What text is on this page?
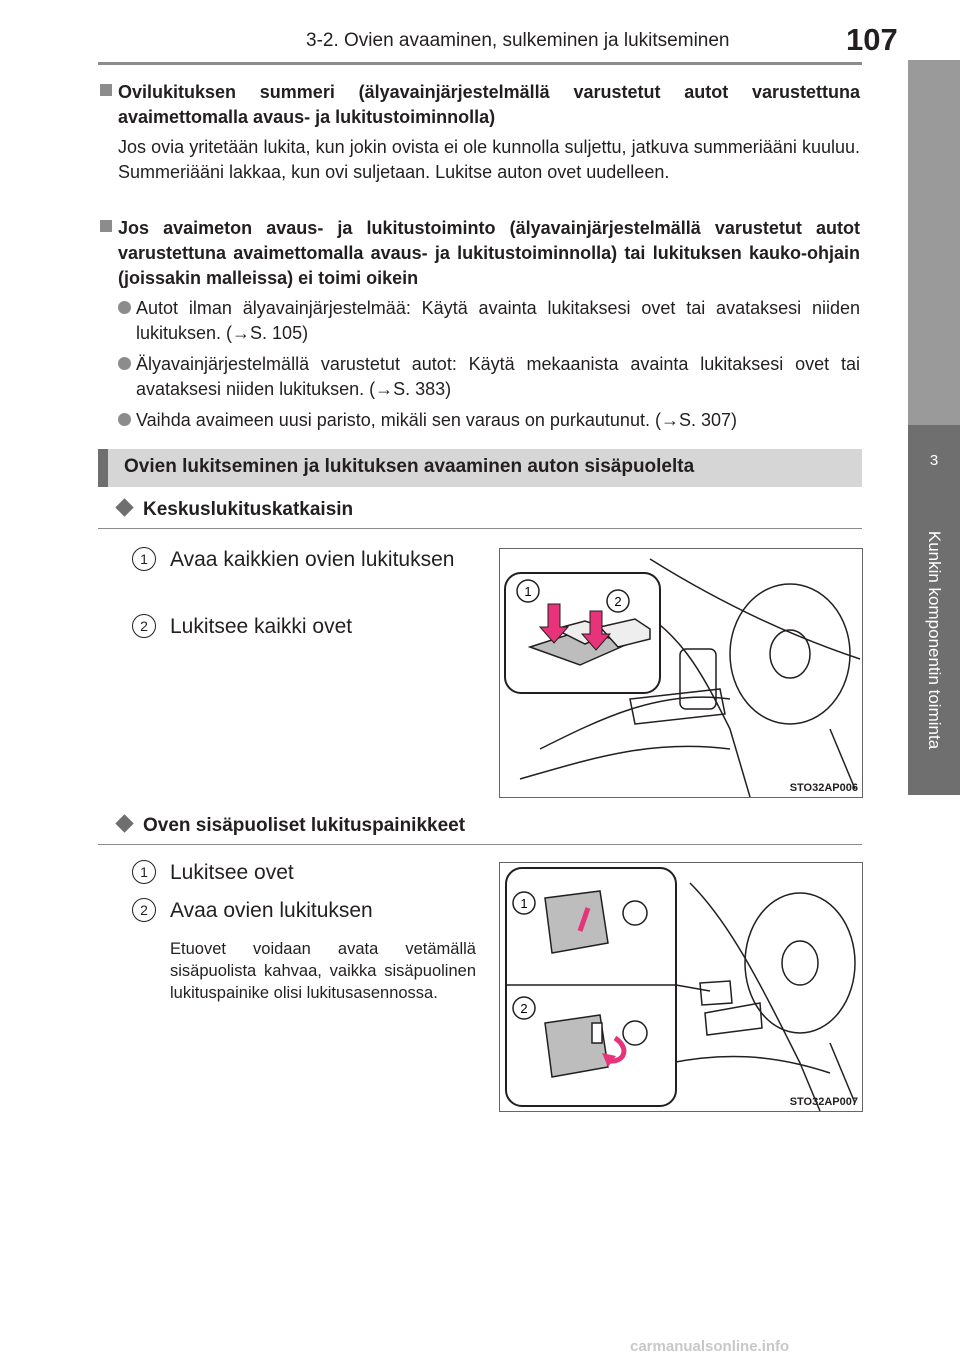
3-2. Ovien avaaminen, sulkeminen ja lukitseminen	107
3
Kunkin komponentin toiminta
Ovilukituksen summeri (älyavainjärjestelmällä varustetut autot varustettuna avaimettomalla avaus- ja lukitustoiminnolla)
Jos ovia yritetään lukita, kun jokin ovista ei ole kunnolla suljettu, jatkuva summeriääni kuuluu. Summeriääni lakkaa, kun ovi suljetaan. Lukitse auton ovet uudelleen.
Jos avaimeton avaus- ja lukitustoiminto (älyavainjärjestelmällä varustetut autot varustettuna avaimettomalla avaus- ja lukitustoiminnolla) tai lukituksen kauko-ohjain (joissakin malleissa) ei toimi oikein
Autot ilman älyavainjärjestelmää: Käytä avainta lukitaksesi ovet tai avataksesi niiden lukituksen. (→S. 105)
Älyavainjärjestelmällä varustetut autot: Käytä mekaanista avainta lukitaksesi ovet tai avataksesi niiden lukituksen. (→S. 383)
Vaihda avaimeen uusi paristo, mikäli sen varaus on purkautunut. (→S. 307)
Ovien lukitseminen ja lukituksen avaaminen auton sisäpuolelta
Keskuslukituskatkaisin
1	Avaa kaikkien ovien lukituksen
2	Lukitsee kaikki ovet
1
2
STO32AP006
Oven sisäpuoliset lukituspainikkeet
1	Lukitsee ovet
2	Avaa ovien lukituksen
Etuovet voidaan avata vetämällä sisäpuolista kahvaa, vaikka sisäpuolinen lukituspainike olisi lukitusasennossa.
1
2
STO32AP007
carmanualsonline.info
